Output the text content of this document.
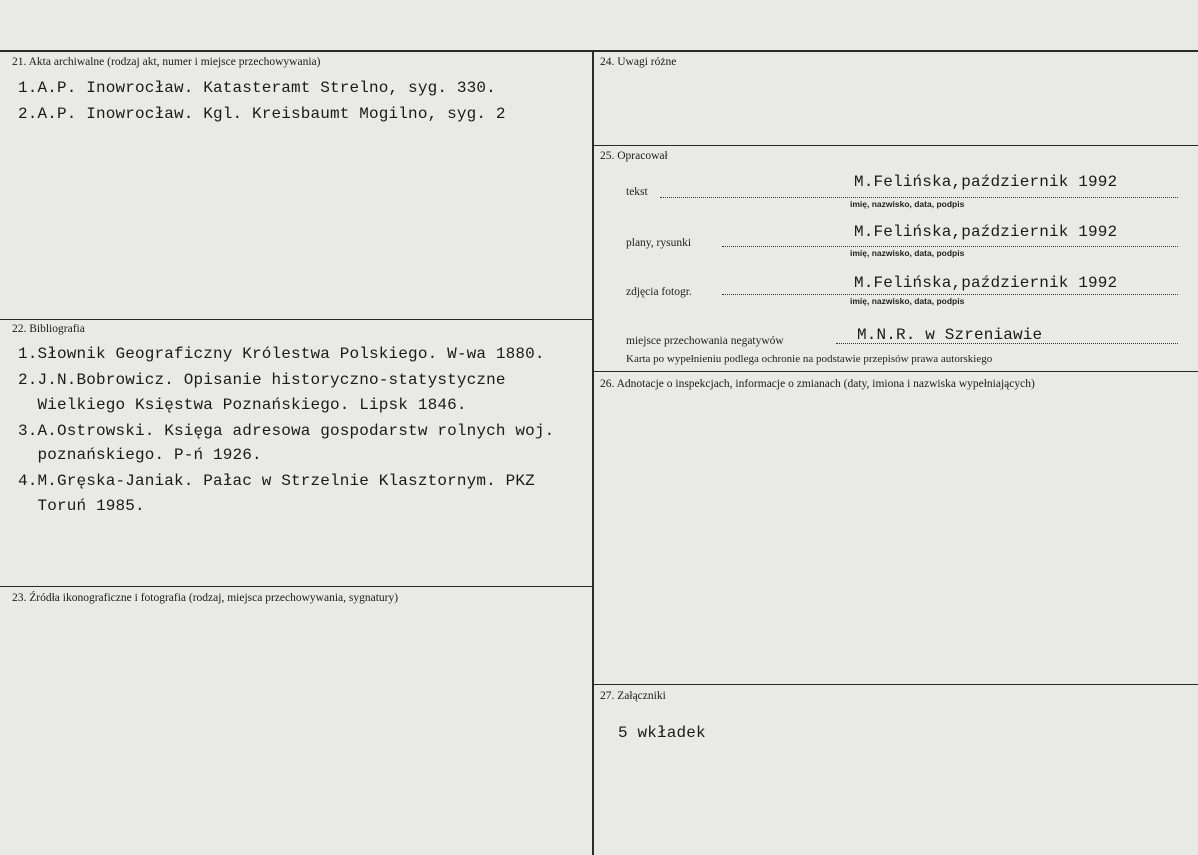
21. Akta archiwalne (rodzaj akt, numer i miejsce przechowywania)
1.A.P. Inowrocław. Katasteramt Strelno, syg. 330.
2.A.P. Inowrocław. Kgl. Kreisbaumt Mogilno, syg. 2
22. Bibliografia
1.Słownik Geograficzny Królestwa Polskiego. W-wa 1880.
2.J.N.Bobrowicz. Opisanie historyczno-statystyczne
Wielkiego Księstwa Poznańskiego. Lipsk 1846.
3.A.Ostrowski. Księga adresowa gospodarstw rolnych woj.
poznańskiego. P-ń 1926.
4.M.Gręska-Janiak. Pałac w Strzelnie Klasztornym. PKZ
Toruń 1985.
23. Źródła ikonograficzne i fotografia (rodzaj, miejsca przechowywania, sygnatury)
24. Uwagi różne
25. Opracował
tekst
M.Felińska,październik 1992
imię, nazwisko, data, podpis
plany, rysunki
M.Felińska,październik 1992
imię, nazwisko, data, podpis
zdjęcia fotogr.	M.Felińska,październik 1992
imię, nazwisko, data, podpis
miejsce przechowania negatywów	M.N.R. w Szreniawie
Karta po wypełnieniu podlega ochronie na podstawie przepisów prawa autorskiego
26. Adnotacje o inspekcjach, informacje o zmianach (daty, imiona i nazwiska wypełniających)
27. Załączniki
5 wkładek
